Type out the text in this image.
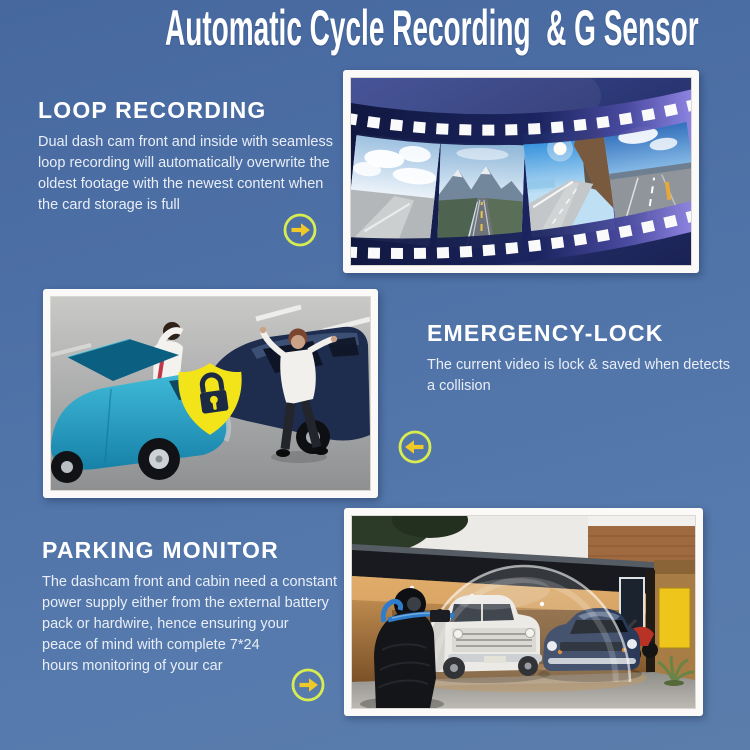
Automatic Cycle Recording  & G Sensor
LOOP RECORDING
Dual dash cam front and inside with seamless
loop recording will automatically overwrite the
oldest footage with the newest content when
the card storage is full
EMERGENCY-LOCK
The current video is lock & saved when detects
a collision
PARKING MONITOR
The dashcam front and cabin need a constant
power supply either from the external battery
pack or hardwire, hence ensuring your
peace of mind with complete 7*24
hours monitoring of your car
